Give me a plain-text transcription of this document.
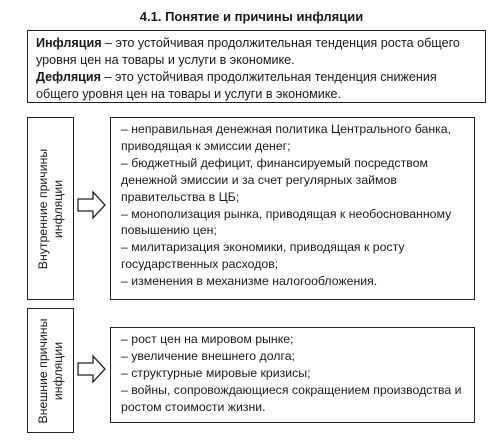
4.1. Понятие и причины инфляции

Инфляция – это устойчивая продолжительная тенденция роста общего уровня цен на товары и услуги в экономике.

Дефляция – это устойчивая продолжительная тенденция снижения общего уровня цен на товары и услуги в экономике.

Внутренние причины инфляции
– неправильная денежная политика Центрального банка, приводящая к эмиссии денег;
– бюджетный дефицит, финансируемый посредством денежной эмиссии и за счет регулярных займов правительства в ЦБ;
– монополизация рынка, приводящая к необоснованному повышению цен;
– милитаризация экономики, приводящая к росту государственных расходов;
– изменения в механизме налогообложения.
Внешние причины инфляции
– рост цен на мировом рынке;
– увеличение внешнего долга;
– структурные мировые кризисы;
– войны, сопровождающиеся сокращением производства и ростом стоимости жизни.
